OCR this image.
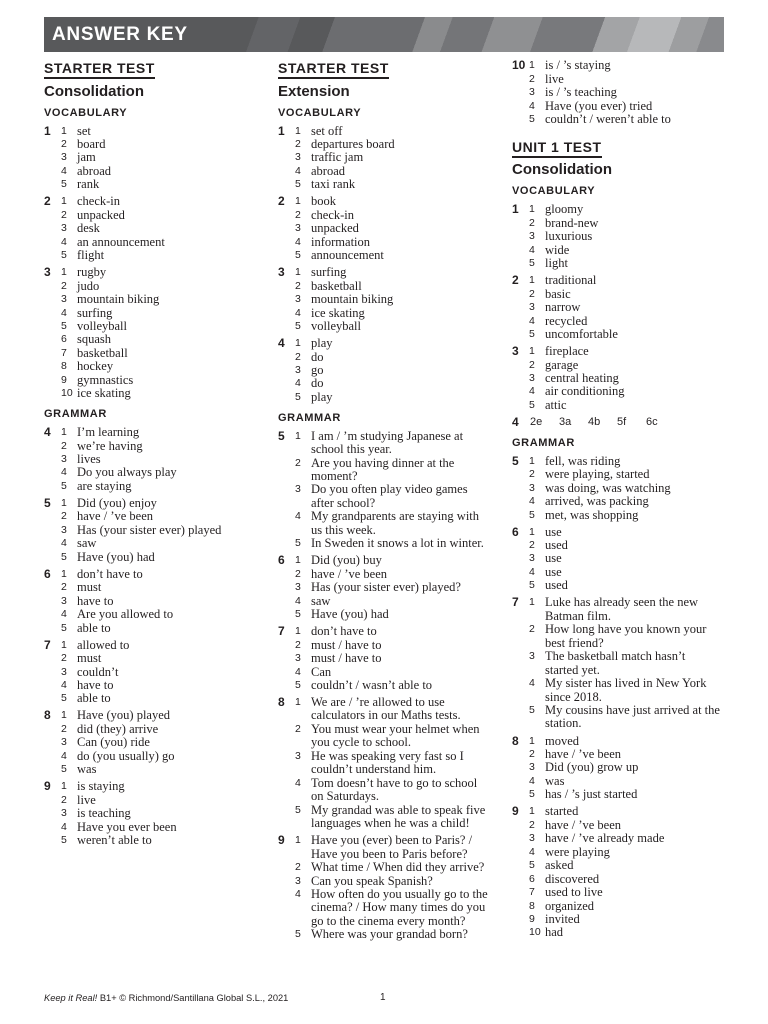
ANSWER KEY
STARTER TEST
Consolidation
VOCABULARY
1 1 set
2 board
3 jam
4 abroad
5 rank
2 1 check-in
2 unpacked
3 desk
4 an announcement
5 flight
3 1 rugby
2 judo
3 mountain biking
4 surfing
5 volleyball
6 squash
7 basketball
8 hockey
9 gymnastics
10 ice skating
GRAMMAR
4 1 I’m learning
2 we’re having
3 lives
4 Do you always play
5 are staying
5 1 Did (you) enjoy
2 have / ’ve been
3 Has (your sister ever) played
4 saw
5 Have (you) had
6 1 don’t have to
2 must
3 have to
4 Are you allowed to
5 able to
7 1 allowed to
2 must
3 couldn’t
4 have to
5 able to
8 1 Have (you) played
2 did (they) arrive
3 Can (you) ride
4 do (you usually) go
5 was
9 1 is staying
2 live
3 is teaching
4 Have you ever been
5 weren’t able to
STARTER TEST
Extension
VOCABULARY
1 1 set off
2 departures board
3 traffic jam
4 abroad
5 taxi rank
2 1 book
2 check-in
3 unpacked
4 information
5 announcement
3 1 surfing
2 basketball
3 mountain biking
4 ice skating
5 volleyball
4 1 play
2 do
3 go
4 do
5 play
GRAMMAR
5 1 I am / ’m studying Japanese at
school this year.
2 Are you having dinner at the
moment?
3 Do you often play video games
after school?
4 My grandparents are staying with
us this week.
5 In Sweden it snows a lot in winter.
6 1 Did (you) buy
2 have / ’ve been
3 Has (your sister ever) played?
4 saw
5 Have (you) had
7 1 don’t have to
2 must / have to
3 must / have to
4 Can
5 couldn’t / wasn’t able to
8 1 We are / ’re allowed to use
calculators in our Maths tests.
2 You must wear your helmet when
you cycle to school.
3 He was speaking very fast so I
couldn’t understand him.
4 Tom doesn’t have to go to school
on Saturdays.
5 My grandad was able to speak five
languages when he was a child!
9 1 Have you (ever) been to Paris? /
Have you been to Paris before?
2 What time / When did they arrive?
3 Can you speak Spanish?
4 How often do you usually go to the
cinema? / How many times do you
go to the cinema every month?
5 Where was your grandad born?
10 1 is / ’s staying
2 live
3 is / ’s teaching
4 Have (you ever) tried
5 couldn’t / weren’t able to
UNIT 1 TEST
Consolidation
VOCABULARY
1 1 gloomy
2 brand-new
3 luxurious
4 wide
5 light
2 1 traditional
2 basic
3 narrow
4 recycled
5 uncomfortable
3 1 fireplace
2 garage
3 central heating
4 air conditioning
5 attic
4	2e	3a	4b	5f	6c
GRAMMAR
5 1 fell, was riding
2 were playing, started
3 was doing, was watching
4 arrived, was packing
5 met, was shopping
6 1 use
2 used
3 use
4 use
5 used
7 1 Luke has already seen the new
Batman film.
2 How long have you known your
best friend?
3 The basketball match hasn’t
started yet.
4 My sister has lived in New York
since 2018.
5 My cousins have just arrived at the
station.
8 1 moved
2 have / ’ve been
3 Did (you) grow up
4 was
5 has / ’s just started
9 1 started
2 have / ’ve been
3 have / ’ve already made
4 were playing
5 asked
6 discovered
7 used to live
8 organized
9 invited
10 had
Keep it Real! B1+ © Richmond/Santillana Global S.L., 2021	1
